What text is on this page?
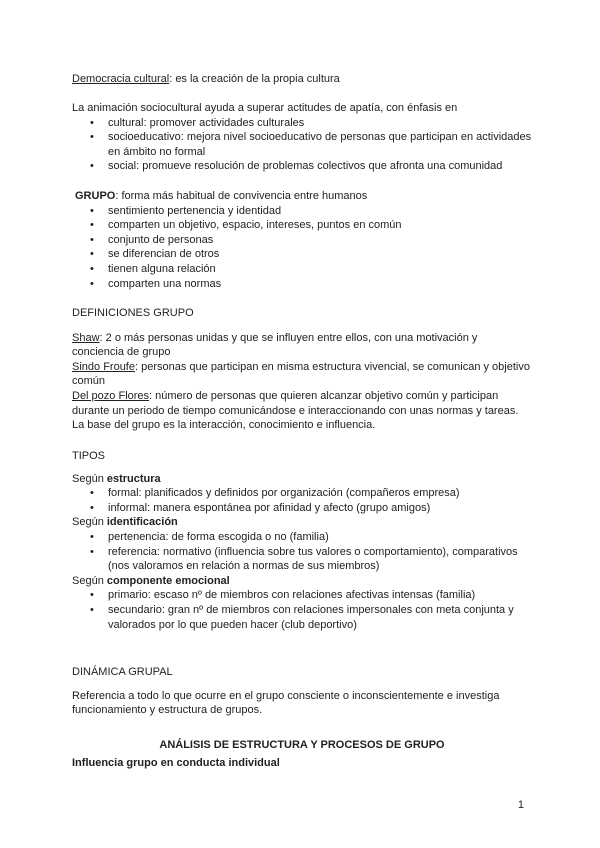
Democracia cultural: es la creación de la propia cultura

La animación sociocultural ayuda a superar actitudes de apatía, con énfasis en

• cultural: promover actividades culturales
• socioeducativo: mejora nivel socioeducativo de personas que participan en actividades en ámbito no formal
• social: promueve resolución de problemas colectivos que afronta una comunidad

GRUPO: forma más habitual de convivencia entre humanos

• sentimiento pertenencia y identidad
• comparten un objetivo, espacio, intereses, puntos en común
• conjunto de personas
• se diferencian de otros
• tienen alguna relación
• comparten una normas

DEFINICIONES GRUPO

Shaw: 2 o más personas unidas y que se influyen entre ellos, con una motivación y conciencia de grupo

Sindo Froufe: personas que participan en misma estructura vivencial, se comunican y objetivo común

Del pozo Flores: número de personas que quieren alcanzar objetivo común y participan durante un periodo de tiempo comunicándose e interaccionando con unas normas y tareas. La base del grupo es la interacción, conocimiento e influencia.

TIPOS

Según estructura

• formal: planificados y definidos por organización (compañeros empresa)
• informal: manera espontánea por afinidad y afecto (grupo amigos)

Según identificación

• pertenencia: de forma escogida o no (familia)
• referencia: normativo (influencia sobre tus valores o comportamiento), comparativos (nos valoramos en relación a normas de sus miembros)

Según componente emocional

• primario: escaso nº de miembros con relaciones afectivas intensas (familia)
• secundario: gran nº de miembros con relaciones impersonales con meta conjunta y valorados por lo que pueden hacer (club deportivo)

DINÁMICA GRUPAL

Referencia a todo lo que ocurre en el grupo consciente o inconscientemente e investiga funcionamiento y estructura de grupos.

ANÁLISIS DE ESTRUCTURA Y PROCESOS DE GRUPO

Influencia grupo en conducta individual

1
